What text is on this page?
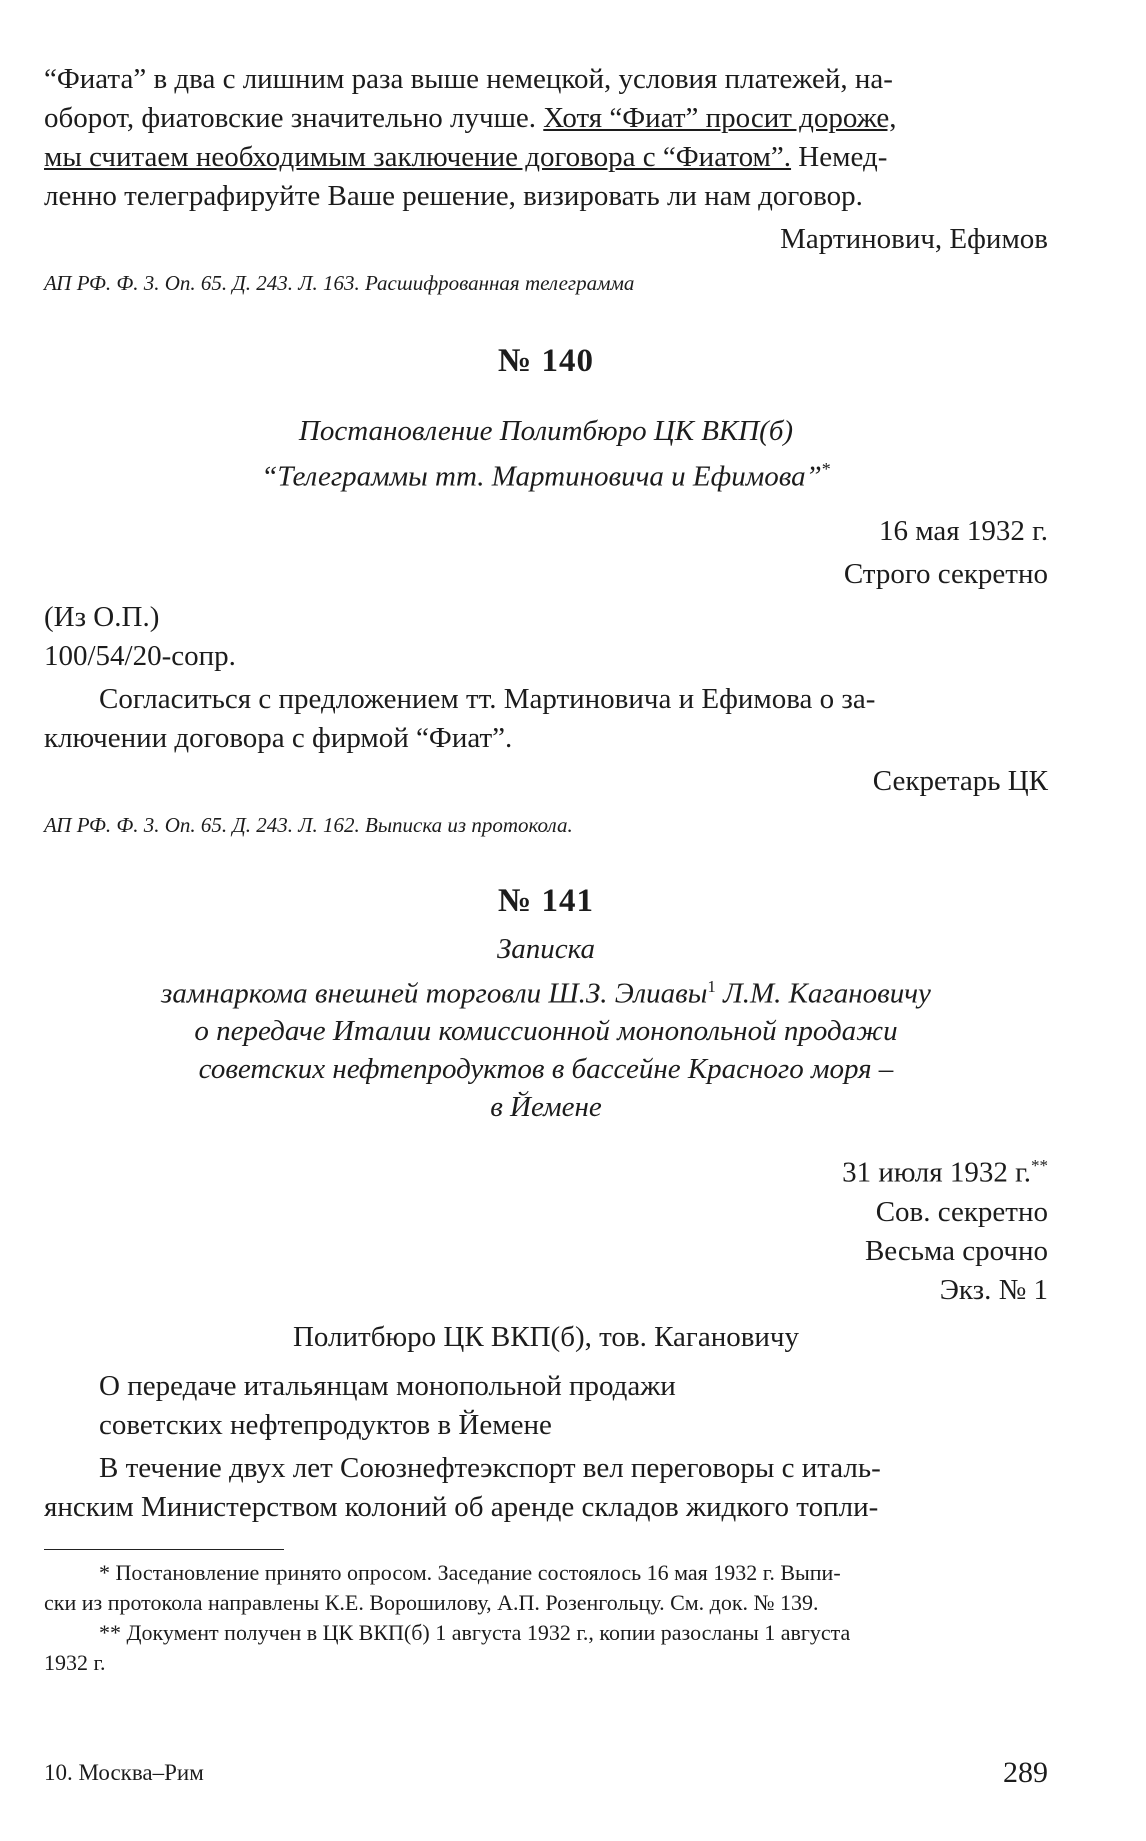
“Фиата” в два с лишним раза выше немецкой, условия платежей, на-

оборот, фиатовские значительно лучше. Хотя “Фиат” просит дороже,

мы считаем необходимым заключение договора с “Фиатом”. Немед-

ленно телеграфируйте Ваше решение, визировать ли нам договор.

Мартинович, Ефимов

АП РФ. Ф. 3. Оп. 65. Д. 243. Л. 163. Расшифрованная телеграмма

№ 140

Постановление Политбюро ЦК ВКП(б)

“Телеграммы тт. Мартиновича и Ефимова”*

16 мая 1932 г.

Строго секретно

(Из О.П.)

100/54/20-сопр.

Согласиться с предложением тт. Мартиновича и Ефимова о за-

ключении договора с фирмой “Фиат”.

Секретарь ЦК

АП РФ. Ф. 3. Оп. 65. Д. 243. Л. 162. Выписка из протокола.

№ 141

Записка

замнаркома внешней торговли Ш.З. Элиавы$^1$ Л.М. Кагановичу

о передаче Италии комиссионной монопольной продажи

советских нефтепродуктов в бассейне Красного моря –

в Йемене

31 июля 1932 г.**

Сов. секретно

Весьма срочно

Экз. № 1

Политбюро ЦК ВКП(б), тов. Кагановичу

О передаче итальянцам монопольной продажи

советских нефтепродуктов в Йемене

В течение двух лет Союзнефтеэкспорт вел переговоры с италь-

янским Министерством колоний об аренде складов жидкого топли-

* Постановление принято опросом. Заседание состоялось 16 мая 1932 г. Выпи-

ски из протокола направлены К.Е. Ворошилову, А.П. Розенгольцу. См. док. № 139.

** Документ получен в ЦК ВКП(б) 1 августа 1932 г., копии разосланы 1 августа

1932 г.

10. Москва–Рим	289
